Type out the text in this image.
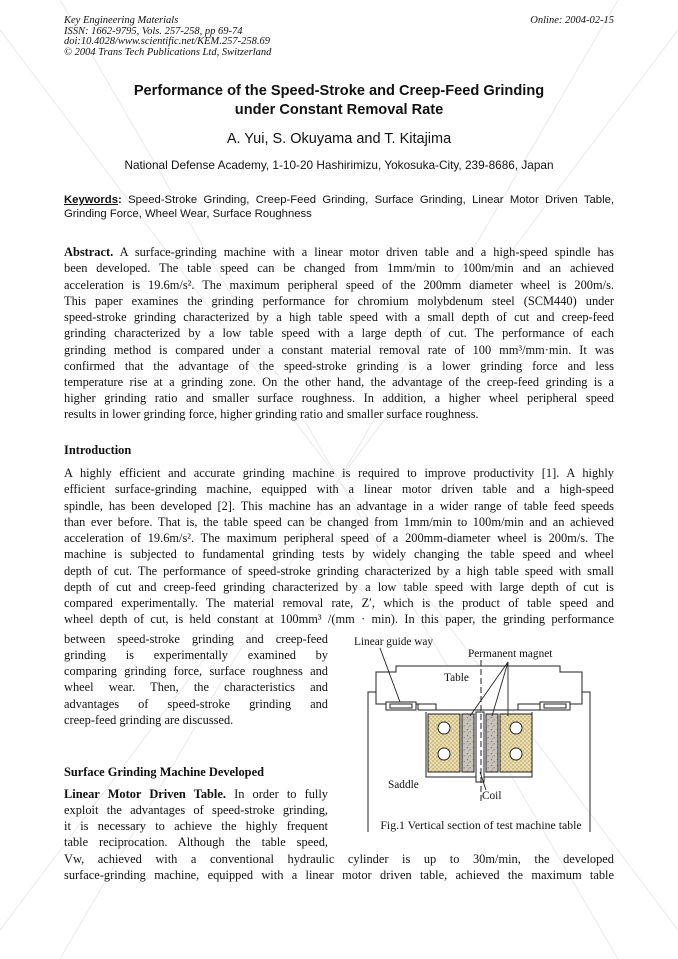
Key Engineering Materials
ISSN: 1662-9795, Vols. 257-258, pp 69-74
doi:10.4028/www.scientific.net/KEM.257-258.69
© 2004 Trans Tech Publications Ltd, Switzerland
Online: 2004-02-15
Performance of the Speed-Stroke and Creep-Feed Grinding
under Constant Removal Rate
A. Yui, S. Okuyama and T. Kitajima
National Defense Academy, 1-10-20 Hashirimizu, Yokosuka-City, 239-8686, Japan
Keywords: Speed-Stroke Grinding, Creep-Feed Grinding, Surface Grinding, Linear Motor Driven Table, Grinding Force, Wheel Wear, Surface Roughness
Abstract. A surface-grinding machine with a linear motor driven table and a high-speed spindle has
been developed. The table speed can be changed from 1mm/min to 100m/min and an achieved
acceleration is 19.6m/s². The maximum peripheral speed of the 200mm diameter wheel is 200m/s.
This paper examines the grinding performance for chromium molybdenum steel (SCM440) under
speed-stroke grinding characterized by a high table speed with a small depth of cut and creep-feed
grinding characterized by a low table speed with a large depth of cut. The performance of each
grinding method is compared under a constant material removal rate of 100 mm³/mm·min. It was
confirmed that the advantage of the speed-stroke grinding is a lower grinding force and less
temperature rise at a grinding zone. On the other hand, the advantage of the creep-feed grinding is a
higher grinding ratio and smaller surface roughness. In addition, a higher wheel peripheral speed
results in lower grinding force, higher grinding ratio and smaller surface roughness.
Introduction
A highly efficient and accurate grinding machine is required to improve productivity [1]. A highly
efficient surface-grinding machine, equipped with a linear motor driven table and a high-speed
spindle, has been developed [2]. This machine has an advantage in a wider range of table feed speeds
than ever before. That is, the table speed can be changed from 1mm/min to 100m/min and an achieved
acceleration of 19.6m/s². The maximum peripheral speed of a 200mm-diameter wheel is 200m/s. The
machine is subjected to fundamental grinding tests by widely changing the table speed and wheel
depth of cut. The performance of speed-stroke grinding characterized by a high table speed with small
depth of cut and creep-feed grinding characterized by a low table speed with large depth of cut is
compared experimentally. The material removal rate, Z′, which is the product of table speed and
wheel depth of cut, is held constant at 100mm³ /(mm · min). In this paper, the grinding performance
between speed-stroke grinding and creep-feed
grinding is experimentally examined by
comparing grinding force, surface roughness and
wheel wear. Then, the characteristics and
advantages of speed-stroke grinding and
creep-feed grinding are discussed.
Surface Grinding Machine Developed
Linear Motor Driven Table. In order to fully
exploit the advantages of speed-stroke grinding,
it is necessary to achieve the highly frequent
table reciprocation. Although the table speed,
Vw, achieved with a conventional hydraulic cylinder is up to 30m/min, the developed
surface-grinding machine, equipped with a linear motor driven table, achieved the maximum table
Linear guide way
Permanent magnet
Table
Saddle
Coil
Fig.1 Vertical section of test machine table
